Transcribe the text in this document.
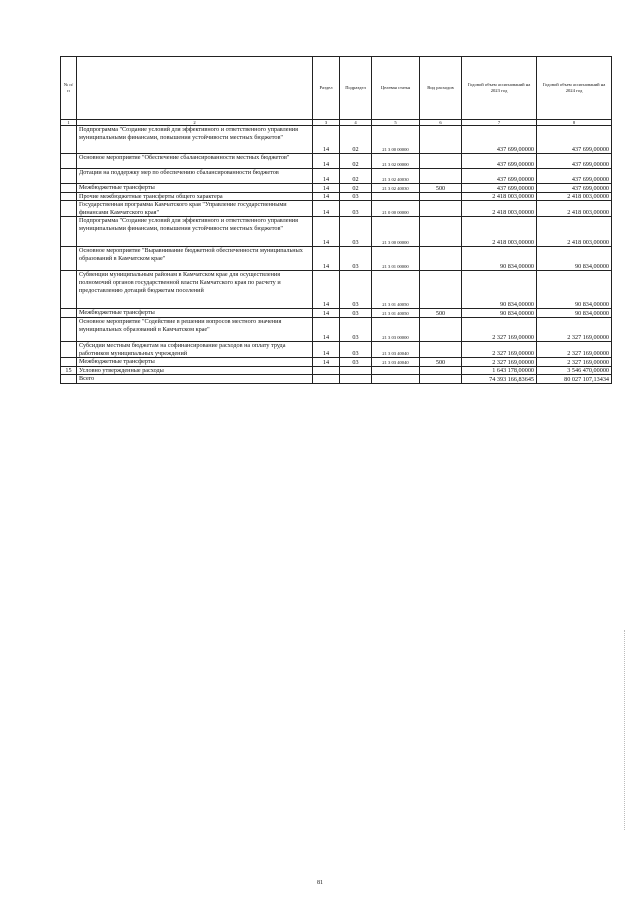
№ п/п		Раздел	Подраздел	Целевая статья	Вид расходов	Годовой объем ассигнований на 2023 год	Годовой объем ассигнований на 2024 год
1	2	3	4	5	6	7	8
	Подпрограмма "Создание условий для эффективного и ответственного управления муниципальными финансами, повышения устойчивости местных бюджетов"	14	02	21 3 00 00000		437 699,00000	437 699,00000
	Основное мероприятие "Обеспечение сбалансированности местных бюджетов"	14	02	21 3 02 00000		437 699,00000	437 699,00000
	Дотации на поддержку мер по обеспечению сбалансированности бюджетов	14	02	21 3 02 40030		437 699,00000	437 699,00000
	Межбюджетные трансферты	14	02	21 3 02 40030	500	437 699,00000	437 699,00000
	Прочие межбюджетные трансферты общего характера	14	03			2 418 003,00000	2 418 003,00000
	Государственная программа Камчатского края "Управление государственными финансами Камчатского края"	14	03	21 0 00 00000		2 418 003,00000	2 418 003,00000
	Подпрограмма "Создание условий для эффективного и ответственного управления муниципальными финансами, повышения устойчивости местных бюджетов"	14	03	21 3 00 00000		2 418 003,00000	2 418 003,00000
	Основное мероприятие "Выравнивание бюджетной обеспеченности муниципальных образований в Камчатском крае"	14	03	21 3 01 00000		90 834,00000	90 834,00000
	Субвенции муниципальным районам в Камчатском крае для осуществления полномочий органов государственной власти Камчатского края по расчету и предоставлению дотаций бюджетам поселений	14	03	21 3 01 40050		90 834,00000	90 834,00000
	Межбюджетные трансферты	14	03	21 3 01 40050	500	90 834,00000	90 834,00000
	Основное мероприятие "Содействие в решении вопросов местного значения муниципальных образований в Камчатском крае"	14	03	21 3 03 00000		2 327 169,00000	2 327 169,00000
	Субсидии местным бюджетам на софинансирование расходов на оплату труда работников муниципальных учреждений	14	03	21 3 03 40040		2 327 169,00000	2 327 169,00000
	Межбюджетные трансферты	14	03	21 3 03 40040	500	2 327 169,00000	2 327 169,00000
15	Условно утвержденные расходы					1 643 178,00000	3 546 470,00000
	Всего					74 393 166,83645	80 027 107,13434
81
